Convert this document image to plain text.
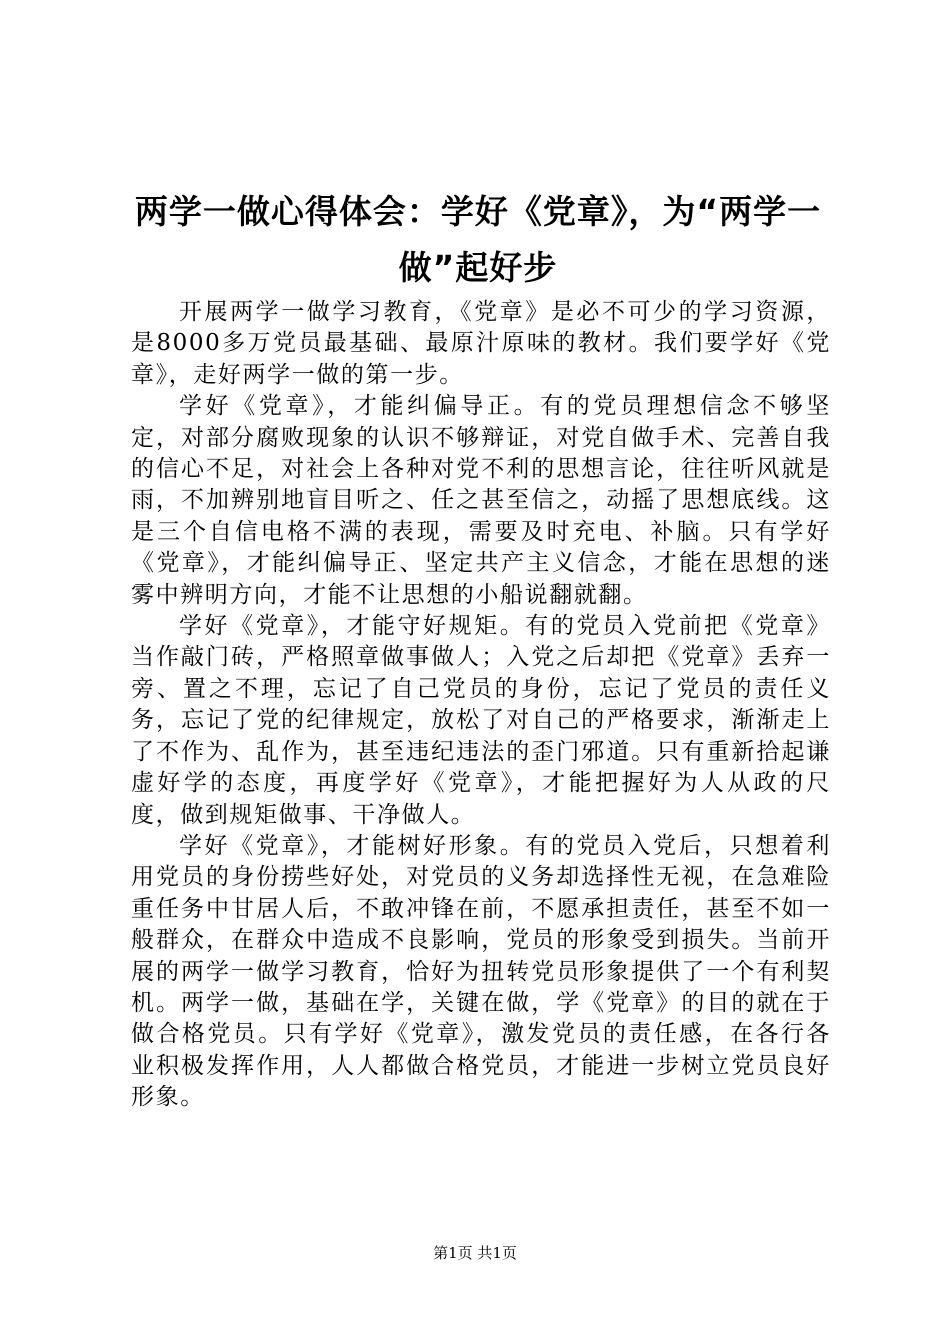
两学一做心得体会：学好《党章》，为“两学一做”起好步

开展两学一做学习教育，《党章》是必不可少的学习资源，是8000多万党员最基础、最原汁原味的教材。我们要学好《党章》，走好两学一做的第一步。

学好《党章》，才能纠偏导正。有的党员理想信念不够坚定，对部分腐败现象的认识不够辩证，对党自做手术、完善自我的信心不足，对社会上各种对党不利的思想言论，往往听风就是雨，不加辨别地盲目听之、任之甚至信之，动摇了思想底线。这是三个自信电格不满的表现，需要及时充电、补脑。只有学好《党章》，才能纠偏导正、坚定共产主义信念，才能在思想的迷雾中辨明方向，才能不让思想的小船说翻就翻。

学好《党章》，才能守好规矩。有的党员入党前把《党章》当作敲门砖，严格照章做事做人；入党之后却把《党章》丢弃一旁、置之不理，忘记了自己党员的身份，忘记了党员的责任义务，忘记了党的纪律规定，放松了对自己的严格要求，渐渐走上了不作为、乱作为，甚至违纪违法的歪门邪道。只有重新拾起谦虚好学的态度，再度学好《党章》，才能把握好为人从政的尺度，做到规矩做事、干净做人。

学好《党章》，才能树好形象。有的党员入党后，只想着利用党员的身份捞些好处，对党员的义务却选择性无视，在急难险重任务中甘居人后，不敢冲锋在前，不愿承担责任，甚至不如一般群众，在群众中造成不良影响，党员的形象受到损失。当前开展的两学一做学习教育，恰好为扭转党员形象提供了一个有利契机。两学一做，基础在学，关键在做，学《党章》的目的就在于做合格党员。只有学好《党章》，激发党员的责任感，在各行各业积极发挥作用，人人都做合格党员，才能进一步树立党员良好形象。

第1页 共1页
